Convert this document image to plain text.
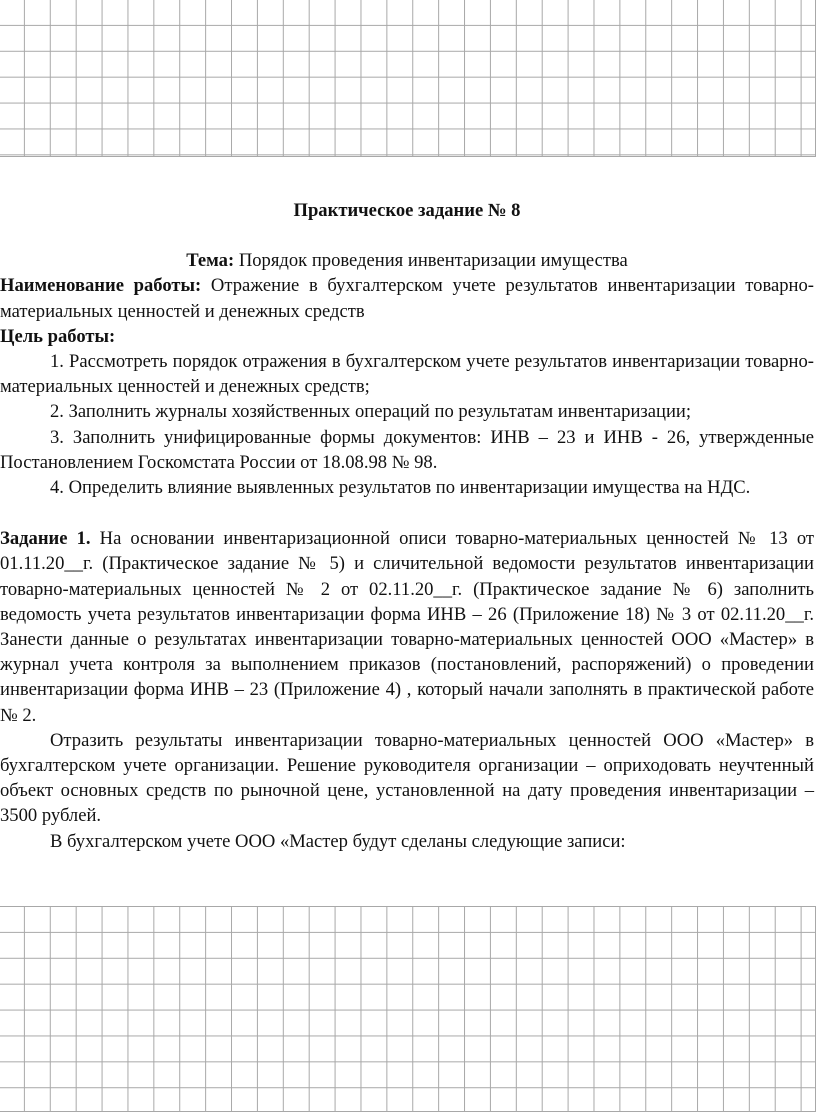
Практическое задание № 8

Тема: Порядок проведения инвентаризации имущества

Наименование работы: Отражение в бухгалтерском учете результатов инвентаризации товарно-материальных ценностей и денежных средств

Цель работы:

1. Рассмотреть порядок отражения в бухгалтерском учете результатов инвентаризации товарно-материальных ценностей и денежных средств;

2. Заполнить журналы хозяйственных операций по результатам инвентаризации;

3. Заполнить унифицированные формы документов: ИНВ – 23 и ИНВ - 26, утвержденные Постановлением Госкомстата России от 18.08.98 № 98.

4. Определить влияние выявленных результатов по инвентаризации имущества на НДС.

Задание 1. На основании инвентаризационной описи товарно-материальных ценностей № 13 от 01.11.20__г. (Практическое задание № 5) и сличительной ведомости результатов инвентаризации товарно-материальных ценностей № 2 от 02.11.20__г. (Практическое задание № 6) заполнить ведомость учета результатов инвентаризации форма ИНВ – 26 (Приложение 18) № 3 от 02.11.20__г. Занести данные о результатах инвентаризации товарно-материальных ценностей ООО «Мастер» в журнал учета контроля за выполнением приказов (постановлений, распоряжений) о проведении инвентаризации форма ИНВ – 23 (Приложение 4) , который начали заполнять в практической работе № 2.

Отразить результаты инвентаризации товарно-материальных ценностей ООО «Мастер» в бухгалтерском учете организации. Решение руководителя организации – оприходовать неучтенный объект основных средств по рыночной цене, установленной на дату проведения инвентаризации – 3500 рублей.

В бухгалтерском учете ООО «Мастер будут сделаны следующие записи:
